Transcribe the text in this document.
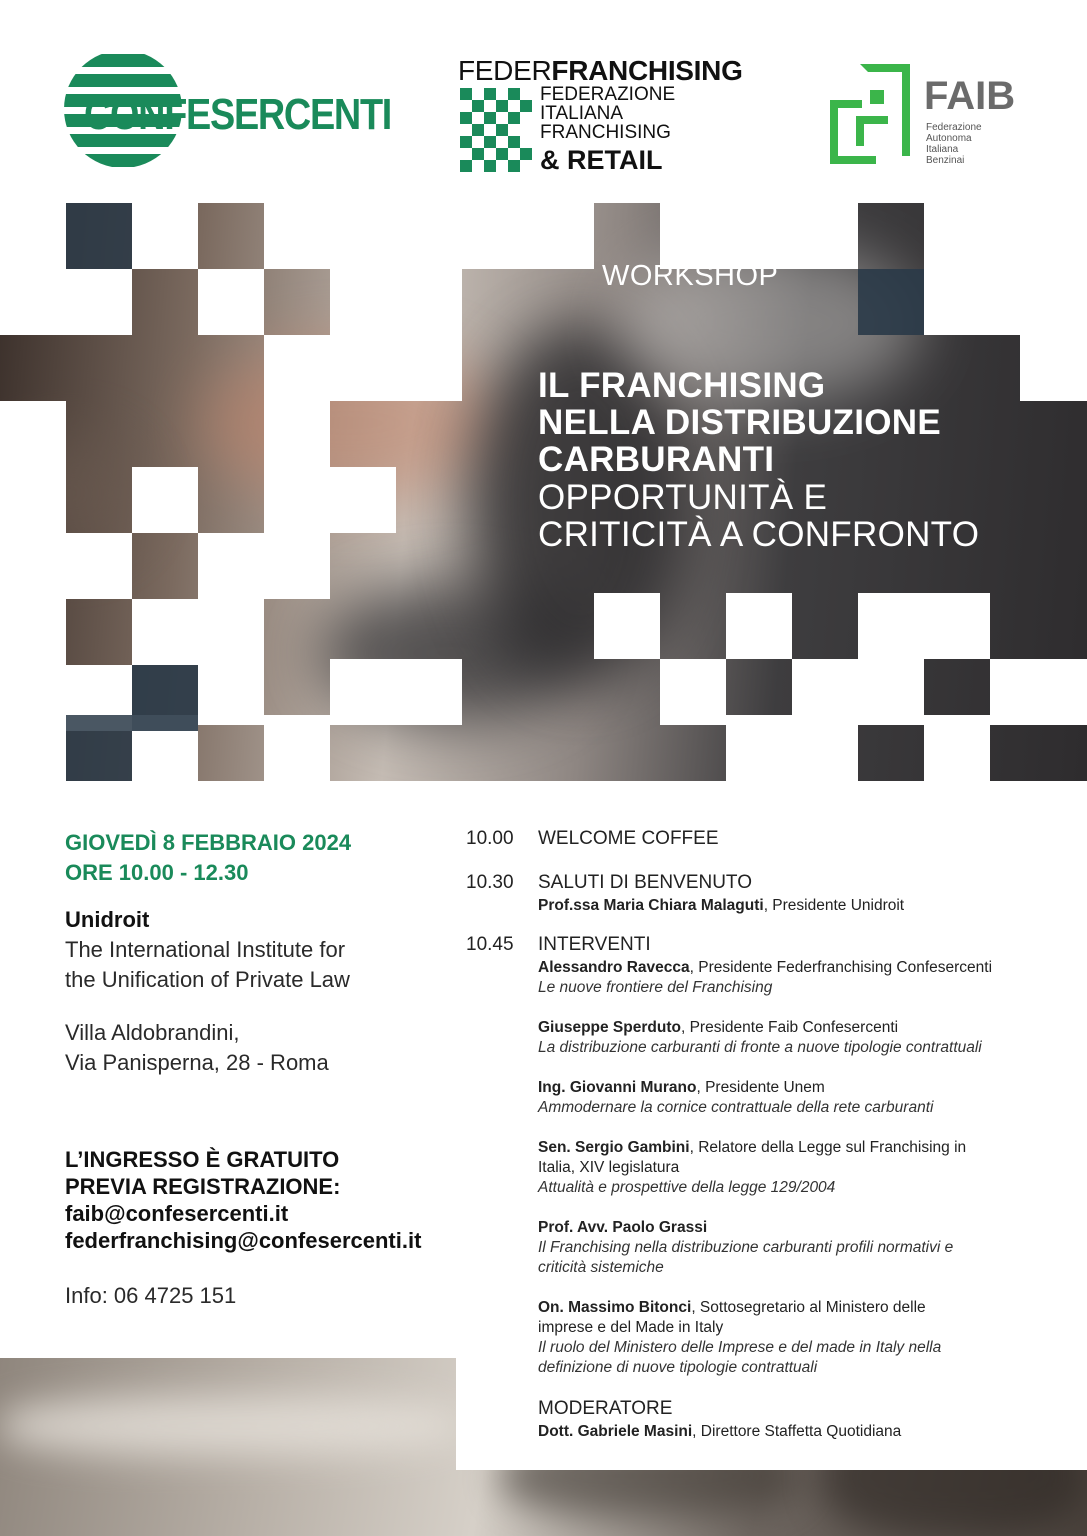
CONFESERCENTI
FEDERFRANCHISING
FEDERAZIONE
ITALIANA
FRANCHISING
& RETAIL
FAIB
Federazione
Autonoma
Italiana
Benzinai
WORKSHOP
IL FRANCHISING
NELLA DISTRIBUZIONE
CARBURANTI
OPPORTUNITÀ E
CRITICITÀ A CONFRONTO
GIOVEDÌ 8 FEBBRAIO 2024
ORE 10.00 - 12.30
Unidroit
The International Institute for
the Unification of Private Law
Villa Aldobrandini,
Via Panisperna, 28 - Roma
L’INGRESSO È GRATUITO
PREVIA REGISTRAZIONE:
faib@confesercenti.it
federfranchising@confesercenti.it
Info: 06 4725 151
10.00 WELCOME COFFEE
10.30 SALUTI DI BENVENUTO
Prof.ssa Maria Chiara Malaguti, Presidente Unidroit
10.45 INTERVENTI
Alessandro Ravecca, Presidente Federfranchising Confesercenti
Le nuove frontiere del Franchising
Giuseppe Sperduto, Presidente Faib Confesercenti
La distribuzione carburanti di fronte a nuove tipologie contrattuali
Ing. Giovanni Murano, Presidente Unem
Ammodernare la cornice contrattuale della rete carburanti
Sen. Sergio Gambini, Relatore della Legge sul Franchising in
Italia, XIV legislatura
Attualità e prospettive della legge 129/2004
Prof. Avv. Paolo Grassi
Il Franchising nella distribuzione carburanti profili normativi e
criticità sistemiche
On. Massimo Bitonci, Sottosegretario al Ministero delle
imprese e del Made in Italy
Il ruolo del Ministero delle Imprese e del made in Italy nella
definizione di nuove tipologie contrattuali
MODERATORE
Dott. Gabriele Masini, Direttore Staffetta Quotidiana
